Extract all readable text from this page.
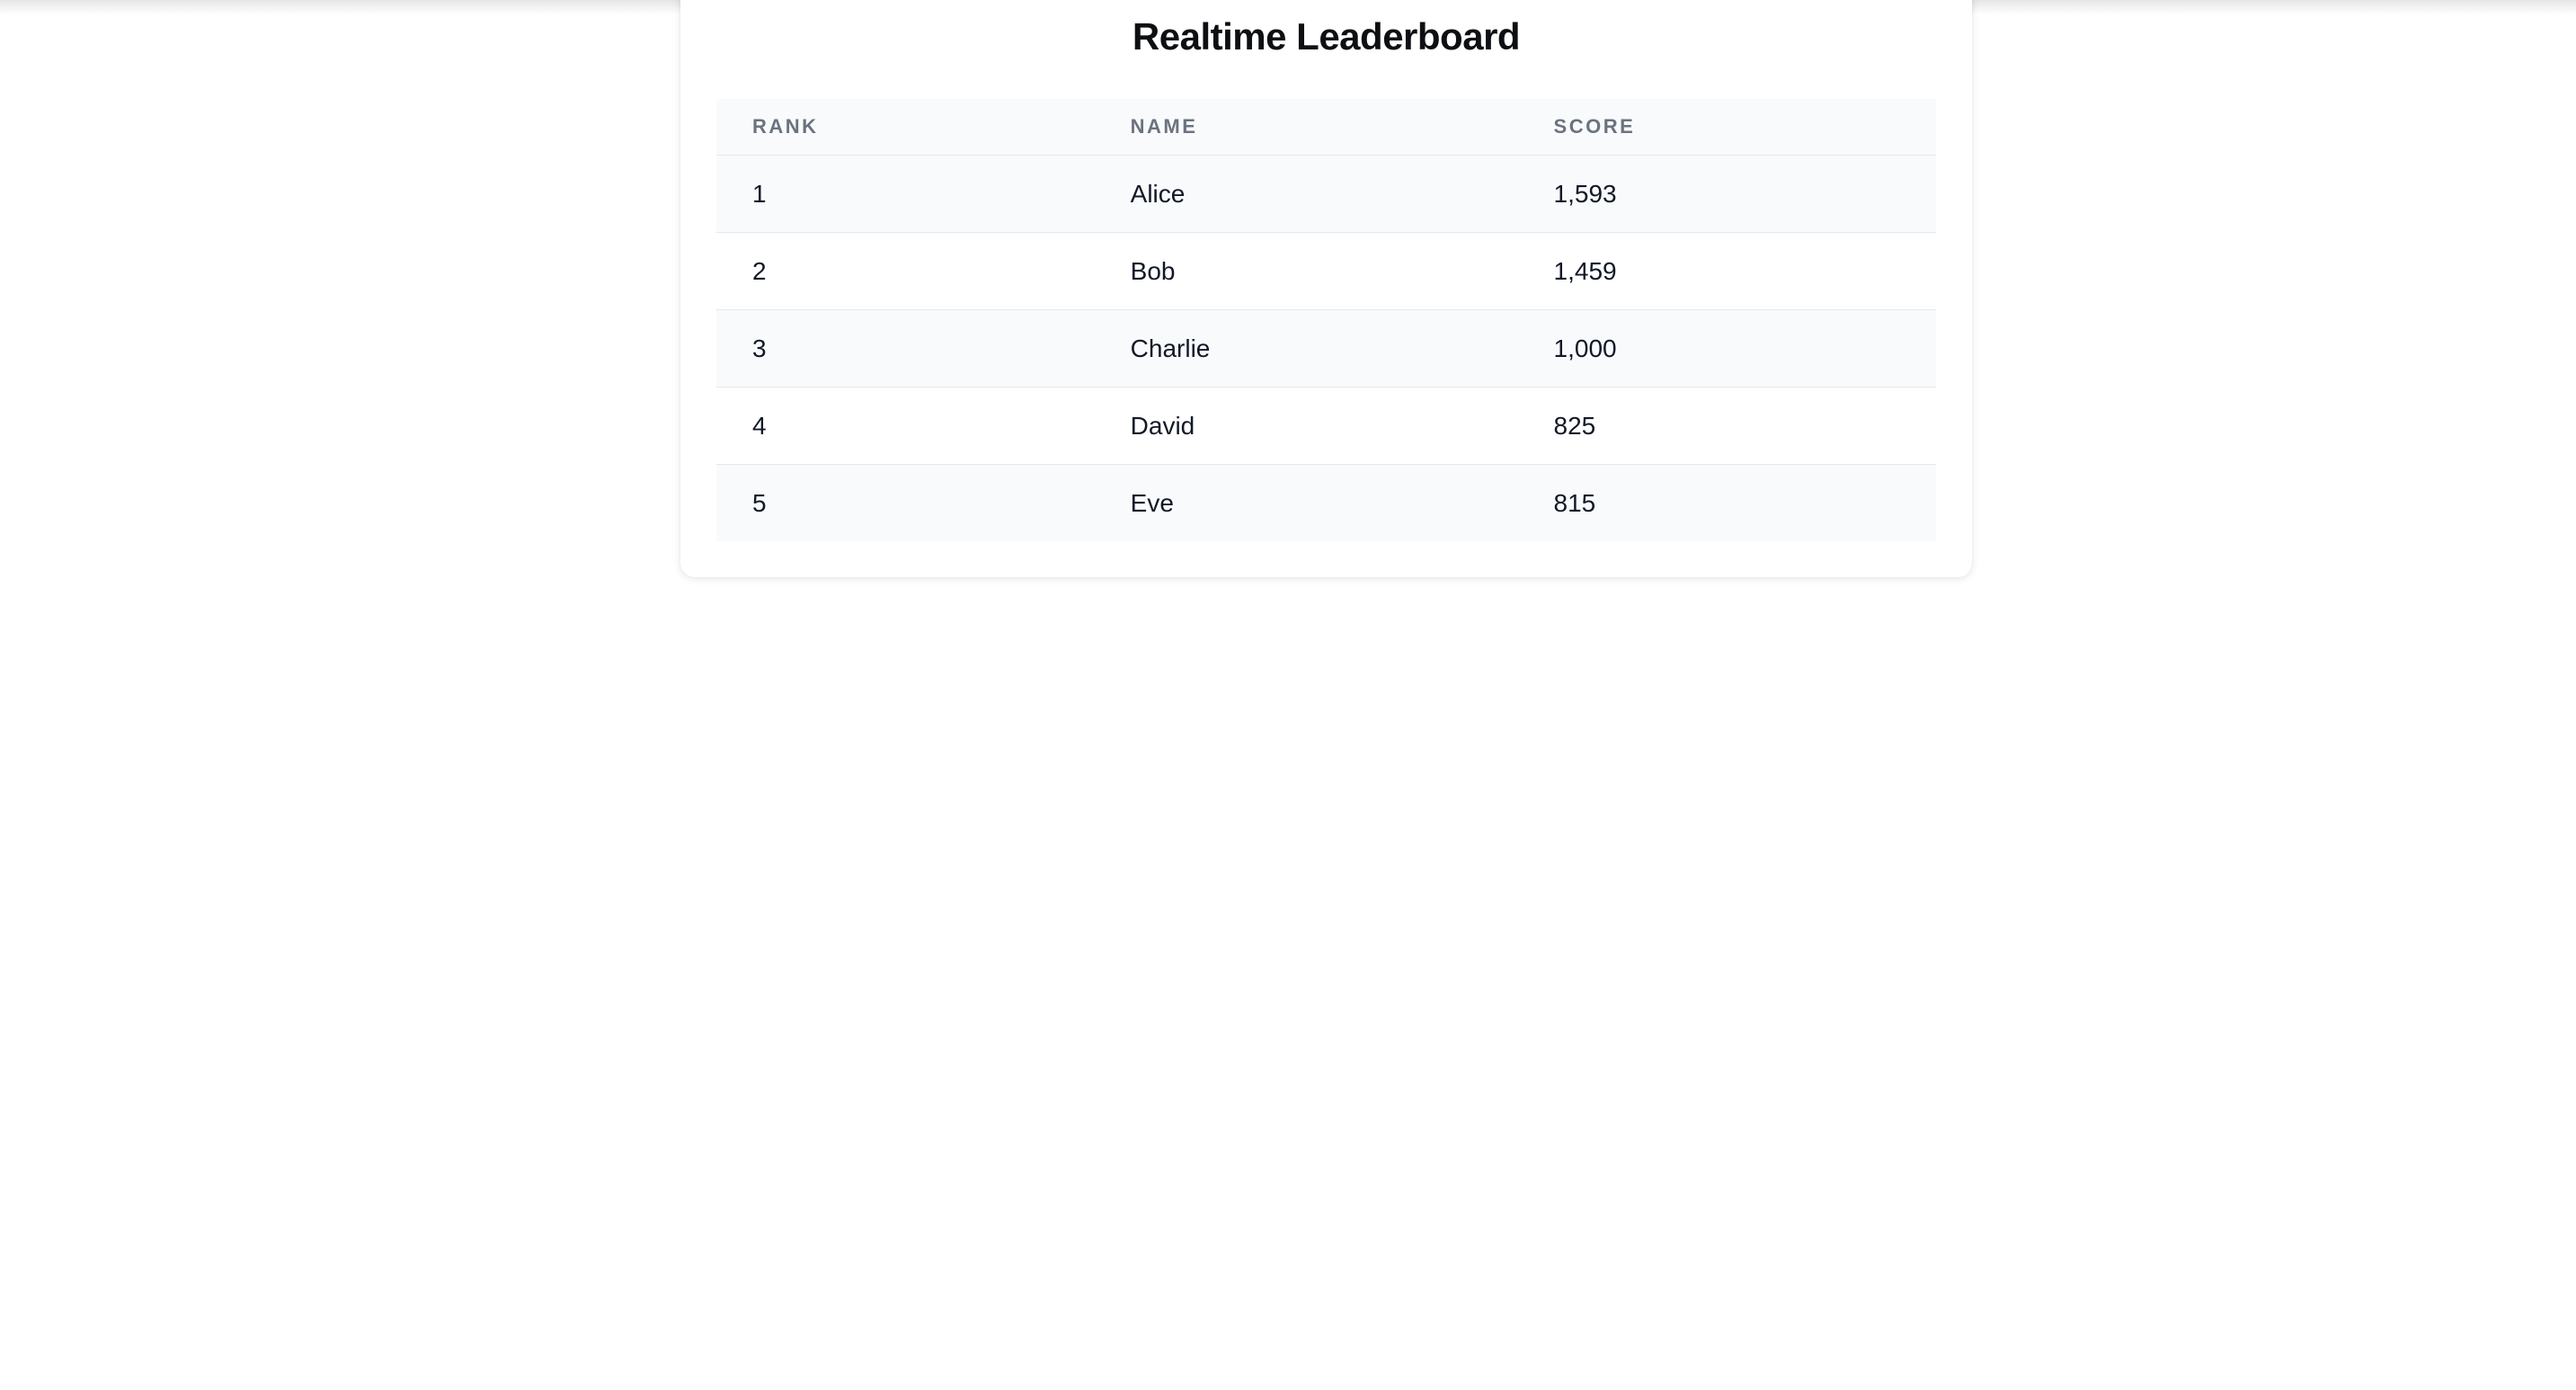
Realtime Leaderboard
RANK	NAME	SCORE
1	Alice	1,593
2	Bob	1,459
3	Charlie	1,000
4	David	825
5	Eve	815
